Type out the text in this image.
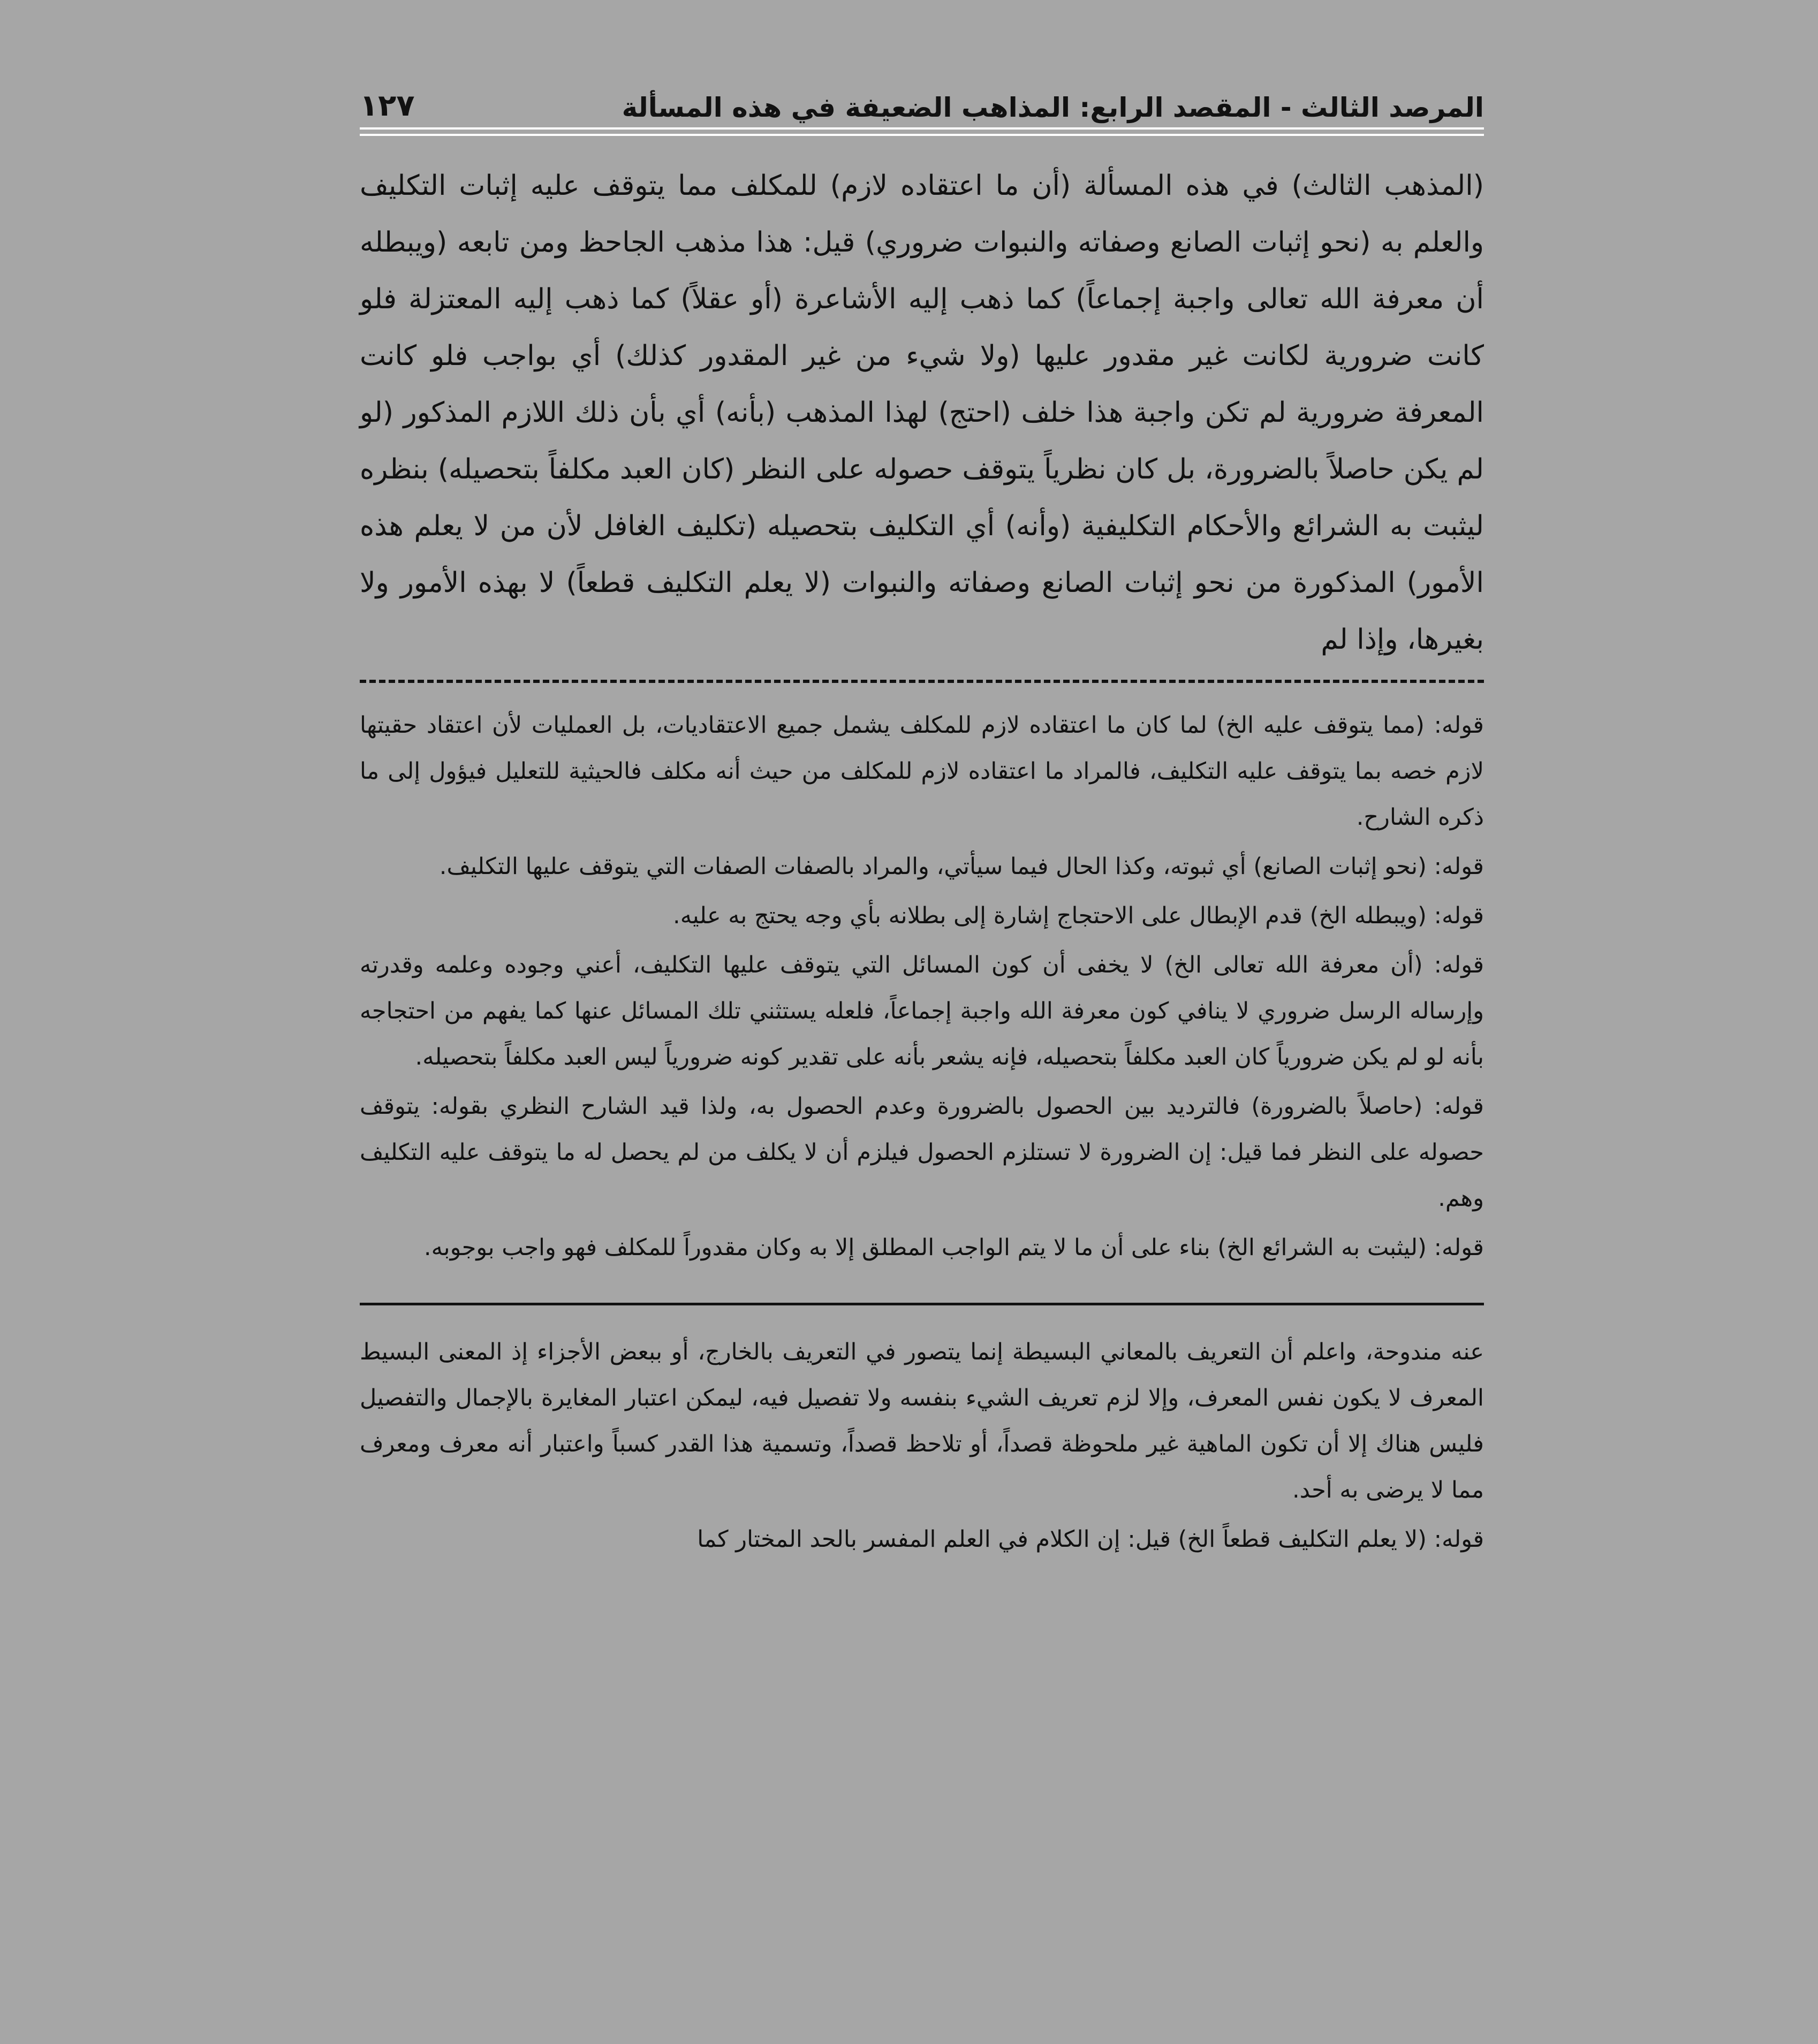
المرصد الثالث - المقصد الرابع: المذاهب الضعيفة في هذه المسألة
١٢٧
(المذهب الثالث) في هذه المسألة (أن ما اعتقاده لازم) للمكلف مما يتوقف عليه إثبات التكليف والعلم به (نحو إثبات الصانع وصفاته والنبوات ضروري) قيل: هذا مذهب الجاحظ ومن تابعه (ويبطله أن معرفة الله تعالى واجبة إجماعاً) كما ذهب إليه الأشاعرة (أو عقلاً) كما ذهب إليه المعتزلة فلو كانت ضرورية لكانت غير مقدور عليها (ولا شيء من غير المقدور كذلك) أي بواجب فلو كانت المعرفة ضرورية لم تكن واجبة هذا خلف (احتج) لهذا المذهب (بأنه) أي بأن ذلك اللازم المذكور (لو لم يكن حاصلاً بالضرورة، بل كان نظرياً يتوقف حصوله على النظر (كان العبد مكلفاً بتحصيله) بنظره ليثبت به الشرائع والأحكام التكليفية (وأنه) أي التكليف بتحصيله (تكليف الغافل لأن من لا يعلم هذه الأمور) المذكورة من نحو إثبات الصانع وصفاته والنبوات (لا يعلم التكليف قطعاً) لا بهذه الأمور ولا بغيرها، وإذا لم

قوله: (مما يتوقف عليه الخ) لما كان ما اعتقاده لازم للمكلف يشمل جميع الاعتقاديات، بل العمليات لأن اعتقاد حقيتها لازم خصه بما يتوقف عليه التكليف، فالمراد ما اعتقاده لازم للمكلف من حيث أنه مكلف فالحيثية للتعليل فيؤول إلى ما ذكره الشارح.

قوله: (نحو إثبات الصانع) أي ثبوته، وكذا الحال فيما سيأتي، والمراد بالصفات الصفات التي يتوقف عليها التكليف.

قوله: (ويبطله الخ) قدم الإبطال على الاحتجاج إشارة إلى بطلانه بأي وجه يحتج به عليه.

قوله: (أن معرفة الله تعالى الخ) لا يخفى أن كون المسائل التي يتوقف عليها التكليف، أعني وجوده وعلمه وقدرته وإرساله الرسل ضروري لا ينافي كون معرفة الله واجبة إجماعاً، فلعله يستثني تلك المسائل عنها كما يفهم من احتجاجه بأنه لو لم يكن ضرورياً كان العبد مكلفاً بتحصيله، فإنه يشعر بأنه على تقدير كونه ضرورياً ليس العبد مكلفاً بتحصيله.

قوله: (حاصلاً بالضرورة) فالترديد بين الحصول بالضرورة وعدم الحصول به، ولذا قيد الشارح النظري بقوله: يتوقف حصوله على النظر فما قيل: إن الضرورة لا تستلزم الحصول فيلزم أن لا يكلف من لم يحصل له ما يتوقف عليه التكليف وهم.

قوله: (ليثبت به الشرائع الخ) بناء على أن ما لا يتم الواجب المطلق إلا به وكان مقدوراً للمكلف فهو واجب بوجوبه.

عنه مندوحة، واعلم أن التعريف بالمعاني البسيطة إنما يتصور في التعريف بالخارج، أو ببعض الأجزاء إذ المعنى البسيط المعرف لا يكون نفس المعرف، وإلا لزم تعريف الشيء بنفسه ولا تفصيل فيه، ليمكن اعتبار المغايرة بالإجمال والتفصيل فليس هناك إلا أن تكون الماهية غير ملحوظة قصداً، أو تلاحظ قصداً، وتسمية هذا القدر كسباً واعتبار أنه معرف ومعرف مما لا يرضى به أحد.

قوله: (لا يعلم التكليف قطعاً الخ) قيل: إن الكلام في العلم المفسر بالحد المختار كما
